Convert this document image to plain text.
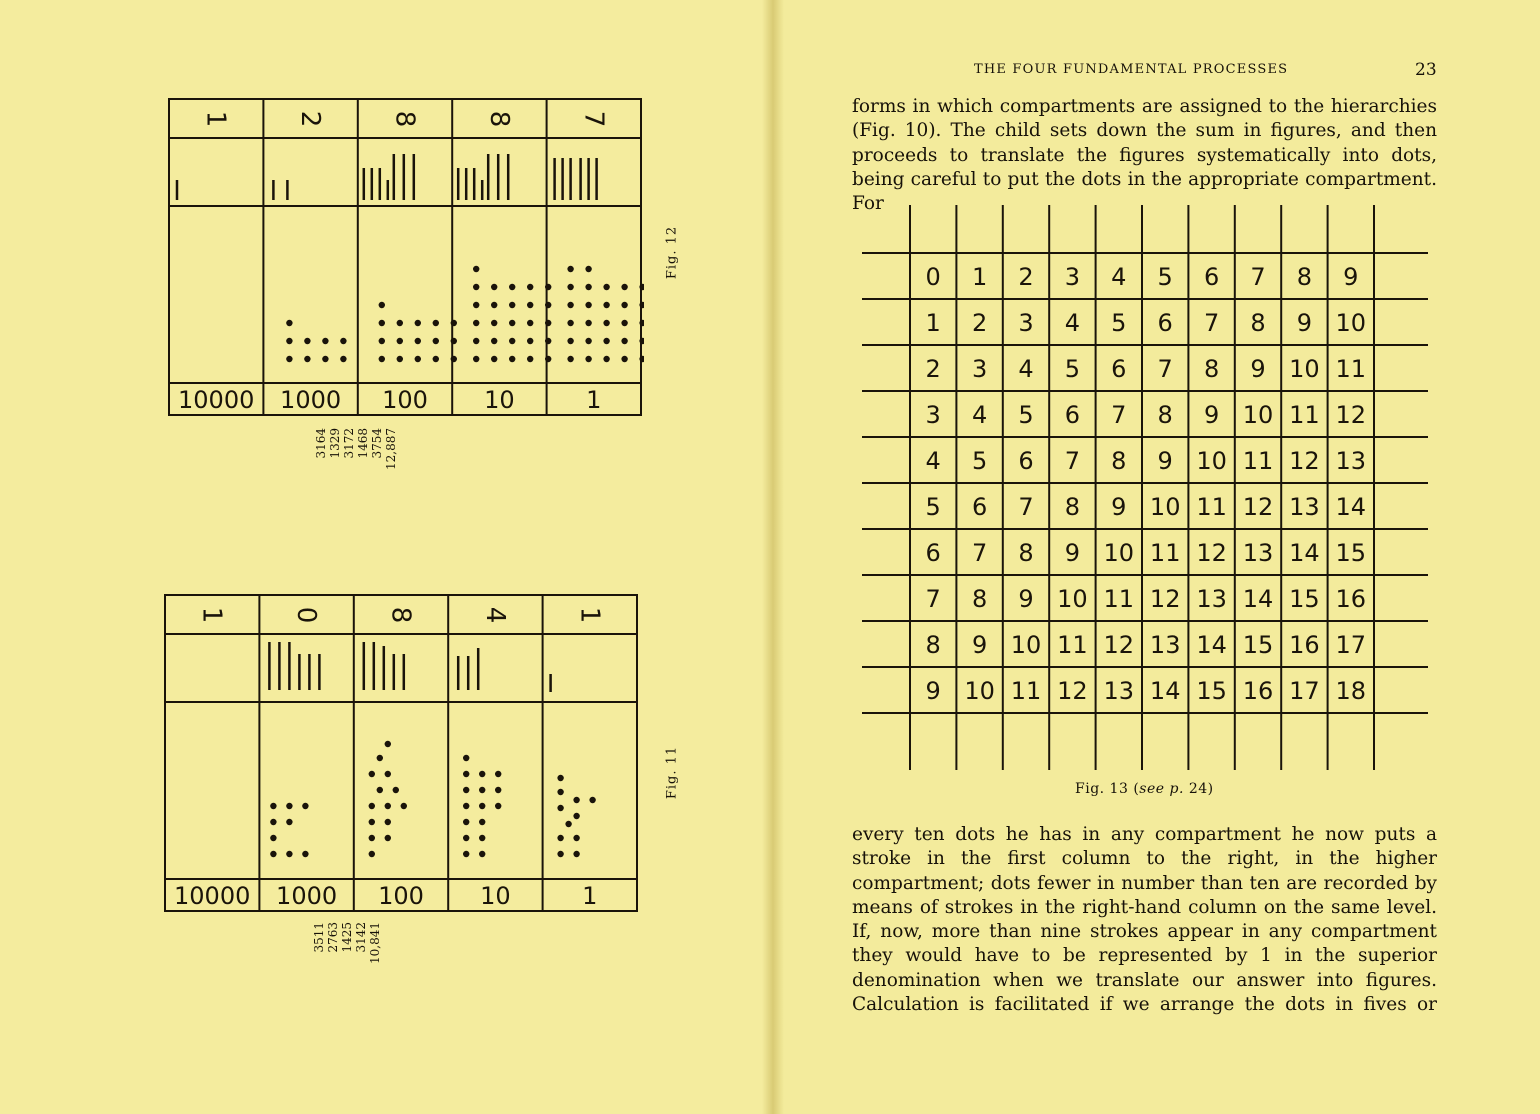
THE FOUR FUNDAMENTAL PROCESSES	23
forms in which compartments are assigned to the hierarchies (Fig. 10). The child sets down the sum in figures, and then proceeds to translate the figures systematically into dots, being careful to put the dots in the appropriate compartment. For
every ten dots he has in any compartment he now puts a stroke in the first column to the right, in the higher compartment; dots fewer in number than ten are recorded by means of strokes in the right-hand column on the same level. If, now, more than nine strokes appear in any compartment they would have to be represented by 1 in the superior denomination when we translate our answer into figures. Calculation is facilitated if we arrange the dots in fives or
0 1 2 3 4 5 6 7 8 9
1 2 3 4 5 6 7 8 9 10
2 3 4 5 6 7 8 9 10 11
3 4 5 6 7 8 9 10 11 12
4 5 6 7 8 9 10 11 12 13
5 6 7 8 9 10 11 12 13 14
6 7 8 9 10 11 12 13 14 15
7 8 9 10 11 12 13 14 15 16
8 9 10 11 12 13 14 15 16 17
9 10 11 12 13 14 15 16 17 18
Fig. 13 (see p. 24)
1
10000
2
1000
8
100
8
10
7
1
Fig. 12
3164
1329
3172
1468
3754
12,887
1
10000
0
1000
8
100
4
10
1
1
Fig. 11
3511
2763
1425
3142
10,841
